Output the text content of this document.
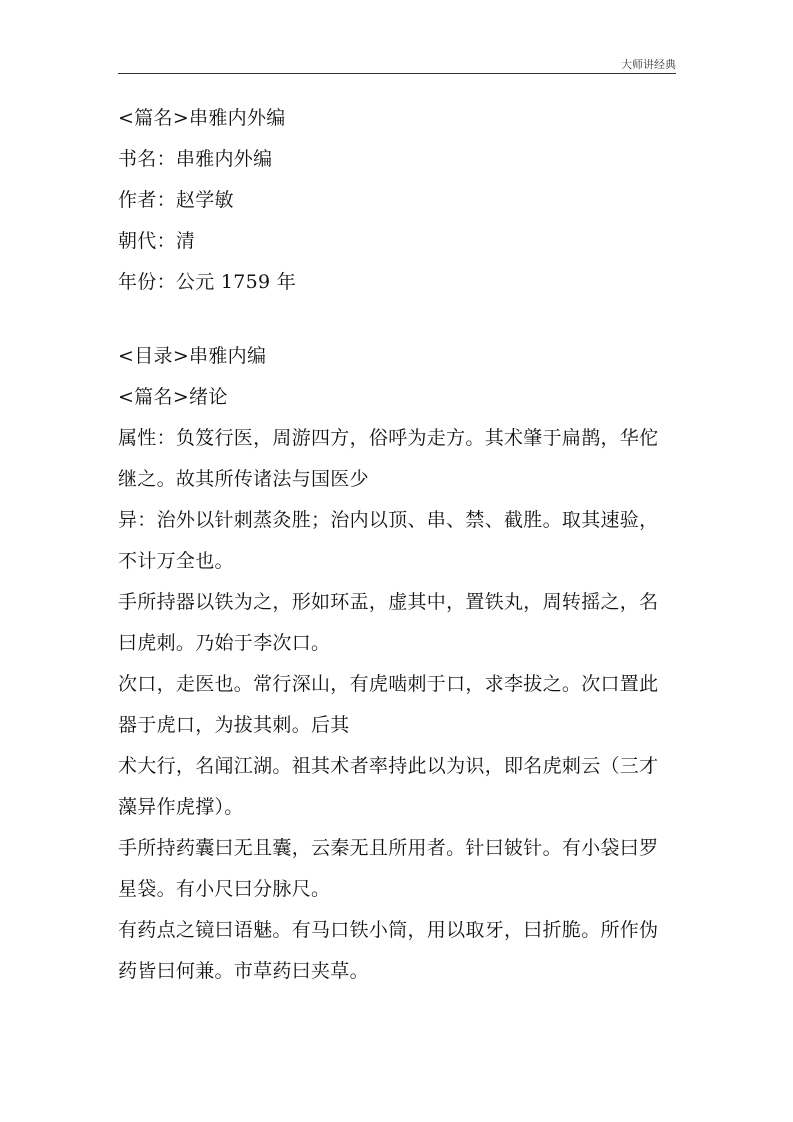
大师讲经典
<篇名>串雅内外编
书名：串雅内外编
作者：赵学敏
朝代：清
年份：公元 1759 年
<目录>串雅内编
<篇名>绪论
属性：负笈行医，周游四方，俗呼为走方。其术肇于扁鹊，华佗
继之。故其所传诸法与国医少
异：治外以针刺蒸灸胜；治内以顶、串、禁、截胜。取其速验，
不计万全也。
手所持器以铁为之，形如环盂，虚其中，置铁丸，周转摇之，名
曰虎刺。乃始于李次口。
次口，走医也。常行深山，有虎啮刺于口，求李拔之。次口置此
器于虎口，为拔其刺。后其
术大行，名闻江湖。祖其术者率持此以为识，即名虎刺云（三才
藻异作虎撑）。
手所持药囊曰无且囊，云秦无且所用者。针曰铍针。有小袋曰罗
星袋。有小尺曰分脉尺。
有药点之镜曰语魅。有马口铁小筒，用以取牙，曰折脆。所作伪
药皆曰何兼。市草药曰夹草。
